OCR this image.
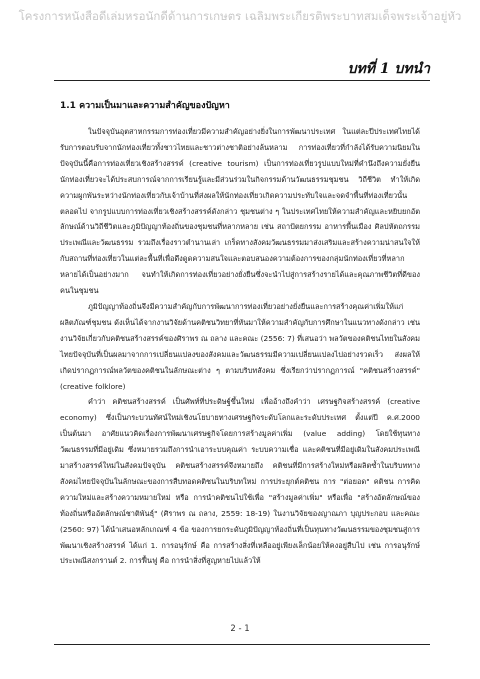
โครงการหนังสือดีเล่มหรอนักดีด้านการเกษตร เฉลิมพระเกียรติพระบาทสมเด็จพระเจ้าอยู่หัว
บทที่ 1 บทนำ
1.1 ความเป็นมาและความสำคัญของปัญหา

ในปัจจุบันอุตสาหกรรมการท่องเที่ยวมีความสำคัญอย่างยิ่งในการพัฒนาประเทศ ในแต่ละปีประเทศไทยได้รับการตอบรับจากนักท่องเที่ยวทั้งชาวไทยและชาวต่างชาติอย่างล้นหลาม การท่องเที่ยวที่กำลังได้รับความนิยมในปัจจุบันนี้คือการท่องเที่ยวเชิงสร้างสรรค์ (creative tourism) เป็นการท่องเที่ยวรูปแบบใหม่ที่คำนึงถึงความยั่งยืน นักท่องเที่ยวจะได้ประสบการณ์จากการเรียนรู้และมีส่วนร่วมในกิจกรรมด้านวัฒนธรรมชุมชน วิถีชีวิต ทำให้เกิดความผูกพันระหว่างนักท่องเที่ยวกับเจ้าบ้านที่ส่งผลให้นักท่องเที่ยวเกิดความประทับใจและจดจำพื้นที่ท่องเที่ยวนั้นตลอดไป จากรูปแบบการท่องเที่ยวเชิงสร้างสรรค์ดังกล่าว ชุมชนต่าง ๆ ในประเทศไทยให้ความสำคัญและหยิบยกอัตลักษณ์ด้านวิถีชีวิตและภูมิปัญญาท้องถิ่นของชุมชนที่หลากหลาย เช่น สถาปัตยกรรม อาหารพื้นเมือง ศิลปหัตถกรรม ประเพณีและวัฒนธรรม รวมถึงเรื่องราวตำนานเล่า เกร็ดทางสังคมวัฒนธรรมมาส่งเสริมและสร้างความน่าสนใจให้กับสถานที่ท่องเที่ยวในแต่ละพื้นที่เพื่อดึงดูดความสนใจและตอบสนองความต้องการของกลุ่มนักท่องเที่ยวที่หลากหลายได้เป็นอย่างมาก จนทำให้เกิดการท่องเที่ยวอย่างยั่งยืนซึ่งจะนำไปสู่การสร้างรายได้และคุณภาพชีวิตที่ดีของคนในชุมชน

ภูมิปัญญาท้องถิ่นจึงมีความสำคัญกับการพัฒนาการท่องเที่ยวอย่างยั่งยืนและการสร้างคุณค่าเพิ่มให้แก่ผลิตภัณฑ์ชุมชน ดังเห็นได้จากงานวิจัยด้านคติชนวิทยาที่หันมาให้ความสำคัญกับการศึกษาในแนวทางดังกล่าว เช่น งานวิจัยเกี่ยวกับคติชนสร้างสรรค์ของศิราพร ณ ถลาง และคณะ (2556: 7) ที่เสนอว่า พลวัตของคติชนไทยในสังคมไทยปัจจุบันที่เป็นผลมาจากการเปลี่ยนแปลงของสังคมและวัฒนธรรมมีความเปลี่ยนแปลงไปอย่างรวดเร็ว ส่งผลให้เกิดปรากฏการณ์พลวัตของคติชนในลักษณะต่าง ๆ ตามบริบทสังคม ซึ่งเรียกว่าปรากฏการณ์ "คติชนสร้างสรรค์" (creative folklore)

คำว่า คติชนสร้างสรรค์ เป็นศัพท์ที่ประดิษฐ์ขึ้นใหม่ เพื่ออ้างถึงคำว่า เศรษฐกิจสร้างสรรค์ (creative economy) ซึ่งเป็นกระบวนทัศน์ใหม่เชิงนโยบายทางเศรษฐกิจระดับโลกและระดับประเทศ ตั้งแต่ปี ค.ศ.2000 เป็นต้นมา อาศัยแนวคิดเรื่องการพัฒนาเศรษฐกิจโดยการสร้างมูลค่าเพิ่ม (value adding) โดยใช้ทุนทางวัฒนธรรมที่มีอยู่เดิม ซึ่งหมายรวมถึงการนำเอาระบบคุณค่า ระบบความเชื่อ และคติชนที่มีอยู่เดิมในสังคมประเพณีมาสร้างสรรค์ใหม่ในสังคมปัจจุบัน คติชนสร้างสรรค์จึงหมายถึง คติชนที่มีการสร้างใหม่หรือผลิตซ้ำในบริบททางสังคมไทยปัจจุบันในลักษณะของการสืบทอดคติชนในบริบทใหม่ การประยุกต์คติชน การ "ต่อยอด" คติชน การคิดความใหม่และสร้างความหมายใหม่ หรือ การนำคติชนไปใช้เพื่อ "สร้างมูลค่าเพิ่ม" หรือเพื่อ "สร้างอัตลักษณ์ของท้องถิ่นหรืออัตลักษณ์ชาติพันธุ์" (ศิราพร ณ ถลาง, 2559: 18-19) ในงานวิจัยของญาณภา บุญประกอบ และคณะ (2560: 97) ได้นำเสนอหลักเกณฑ์ 4 ข้อ ของการยกระดับภูมิปัญญาท้องถิ่นที่เป็นทุนทางวัฒนธรรมของชุมชนสู่การพัฒนาเชิงสร้างสรรค์ ได้แก่ 1. การอนุรักษ์ คือ การสร้างสิ่งที่เหลืออยู่เพียงเล็กน้อยให้คงอยู่สืบไป เช่น การอนุรักษ์ประเพณีสงกรานต์ 2. การฟื้นฟู คือ การนำสิ่งที่สูญหายไปแล้วให้

2 - 1
